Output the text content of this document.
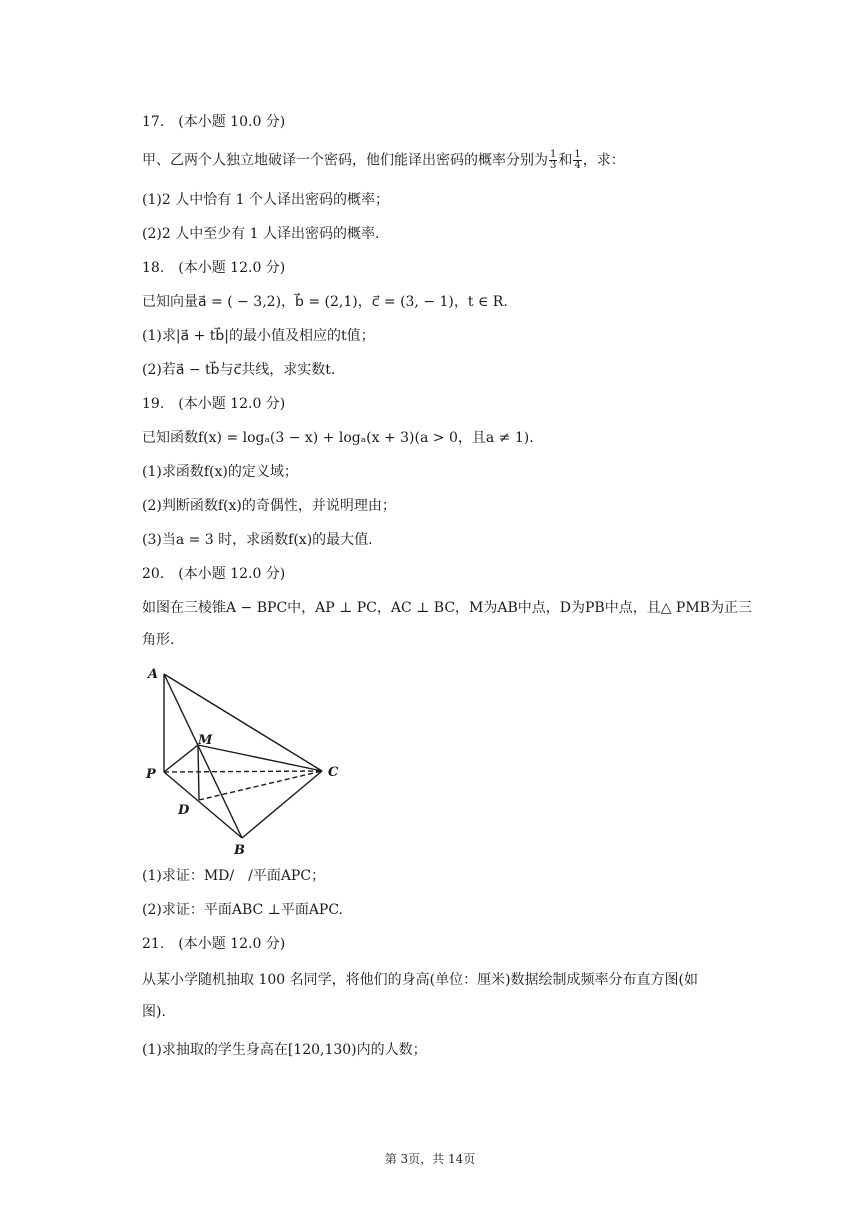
17.　(本小题 10.0 分)
甲、乙两个人独立地破译一个密码，他们能译出密码的概率分别为 $\frac{1}{3}$ 和 $\frac{1}{4}$ ，求：
(1)2 人中恰有 1 个人译出密码的概率；
(2)2 人中至少有 1 人译出密码的概率.
18.　(本小题 12.0 分)
已知向量a⃗ = ( − 3,2)，b⃗ = (2,1)，c⃗ = (3, − 1)，t ∈ R.
(1)求|a⃗ + tb⃗|的最小值及相应的t值；
(2)若a⃗ − tb⃗与c⃗共线，求实数t.
19.　(本小题 12.0 分)
已知函数f(x) = logₐ(3 − x) + logₐ(x + 3)(a > 0，且a ≠ 1).
(1)求函数f(x)的定义域；
(2)判断函数f(x)的奇偶性，并说明理由；
(3)当a = 3 时，求函数f(x)的最大值.
20.　(本小题 12.0 分)
如图在三棱锥A − BPC中，AP ⊥ PC，AC ⊥ BC，M为AB中点，D为PB中点，且△ PMB为正三
角形.
A
M
P	C
D
B
(1)求证：MD/　/平面APC；
(2)求证：平面ABC ⊥平面APC.
21.　(本小题 12.0 分)
从某小学随机抽取 100 名同学，将他们的身高(单位：厘米)数据绘制成频率分布直方图(如
图).
(1)求抽取的学生身高在[120,130)内的人数；
第 3页，共 14页
